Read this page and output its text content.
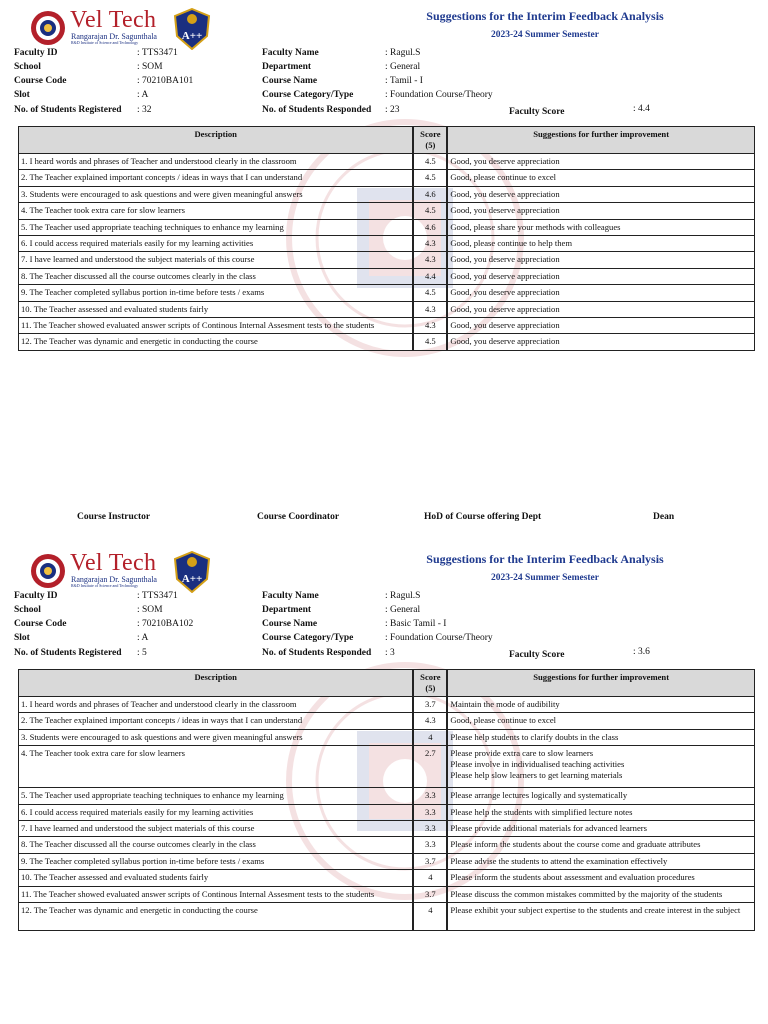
Vel Tech
Rangarajan Dr. Sagunthala
R&D Institute of Science and Technology
A++
Suggestions for the Interim Feedback Analysis
2023-24 Summer Semester
Faculty ID	: TTS3471	Faculty Name	: Ragul.S
School	: SOM	Department	: General
Course Code	: 70210BA101	Course Name	: Tamil - I
Slot	: A	Course Category/Type	: Foundation Course/Theory
No. of Students Registered : 32	No. of Students Responded : 23	Faculty Score	: 4.4
Description	Score
(5)	Suggestions for further improvement
1. I heard words and phrases of Teacher and understood clearly in the classroom	4.5	Good, you deserve appreciation

2. The Teacher explained important concepts / ideas in ways that I can understand	4.5	Good, please continue to excel

3. Students were encouraged to ask questions and were given meaningful answers	4.6	Good, you deserve appreciation

4. The Teacher took extra care for slow learners	4.5	Good, you deserve appreciation

5. The Teacher used appropriate teaching techniques to enhance my learning	4.6	Good, please share your methods with colleagues

6. I could access required materials easily for my learning activities	4.3	Good, please continue to help them

7. I have learned and understood the subject materials of this course	4.3	Good, you deserve appreciation

8. The Teacher discussed all the course outcomes clearly in the class	4.4	Good, you deserve appreciation

9. The Teacher completed syllabus portion in-time before tests / exams	4.5	Good, you deserve appreciation

10. The Teacher assessed and evaluated students fairly	4.3	Good, you deserve appreciation

11. The Teacher showed evaluated answer scripts of Continous Internal Assesment tests to the students	4.3	Good, you deserve appreciation

12. The Teacher was dynamic and energetic in conducting the course	4.5	Good, you deserve appreciation
Course Instructor	Course Coordinator	HoD of Course offering Dept	Dean
Vel Tech
Rangarajan Dr. Sagunthala
R&D Institute of Science and Technology
A++
Suggestions for the Interim Feedback Analysis
2023-24 Summer Semester
Faculty ID	: TTS3471	Faculty Name	: Ragul.S
School	: SOM	Department	: General
Course Code	: 70210BA102	Course Name	: Basic Tamil - I
Slot	: A	Course Category/Type	: Foundation Course/Theory
No. of Students Registered : 5	No. of Students Responded : 3	Faculty Score	: 3.6
Description	Score
(5)	Suggestions for further improvement
1. I heard words and phrases of Teacher and understood clearly in the classroom	3.7	Maintain the mode of audibility

2. The Teacher explained important concepts / ideas in ways that I can understand	4.3	Good, please continue to excel

3. Students were encouraged to ask questions and were given meaningful answers	4	Please help students to clarify doubts in the class

4. The Teacher took extra care for slow learners	2.7	Please provide extra care to slow learners
Please involve in individualised teaching activities
Please help slow learners to get learning materials

5. The Teacher used appropriate teaching techniques to enhance my learning	3.3	Please arrange lectures logically and systematically

6. I could access required materials easily for my learning activities	3.3	Please help the students with simplified lecture notes

7. I have learned and understood the subject materials of this course	3.3	Please provide additional materials for advanced learners

8. The Teacher discussed all the course outcomes clearly in the class	3.3	Please inform the students about the course come and graduate attributes

9. The Teacher completed syllabus portion in-time before tests / exams	3.7	Please advise the students to attend the examination effectively

10. The Teacher assessed and evaluated students fairly	4	Please inform the students about assessment and evaluation procedures

11. The Teacher showed evaluated answer scripts of Continous Internal Assesment tests to the students	3.7	Please discuss the common mistakes committed by the majority of the students

12. The Teacher was dynamic and energetic in conducting the course	4	Please exhibit your subject expertise to the students and create interest in the subject
